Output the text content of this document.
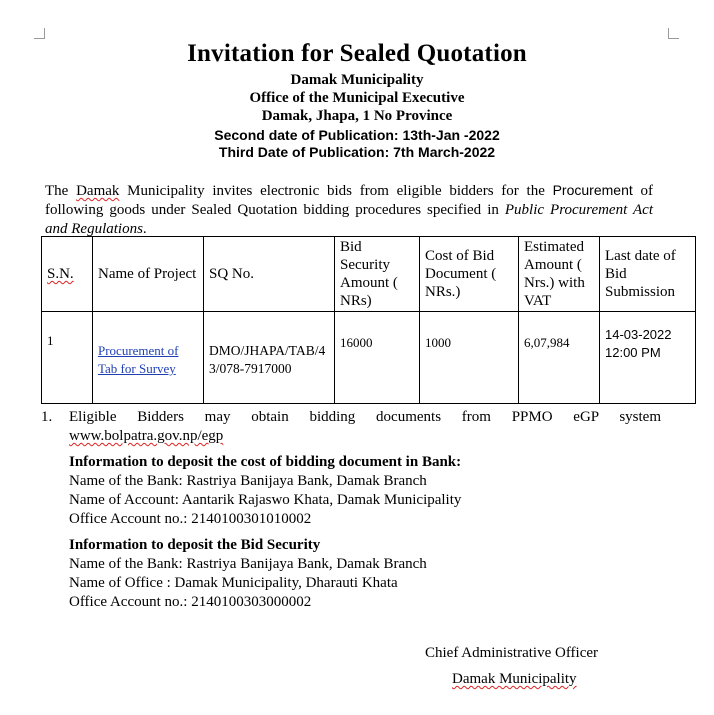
Invitation for Sealed Quotation
Damak Municipality
Office of the Municipal Executive
Damak, Jhapa, 1 No Province
Second date of Publication: 13th-Jan -2022
Third Date of Publication: 7th March-2022
The Damak Municipality invites electronic bids from eligible bidders for the Procurement of following goods under Sealed Quotation bidding procedures specified in Public Procurement Act and Regulations.
S.N.	Name of Project	SQ No.	Bid Security Amount ( NRs)	Cost of Bid Document ( NRs.)	Estimated Amount ( Nrs.) with VAT	Last date of Bid Submission
1	Procurement of Tab for Survey	DMO/JHAPA/TAB/43/078-7917000	16000	1000	6,07,984	14-03-2022
12:00 PM
1. Eligible Bidders may obtain bidding documents from PPMO eGP system
www.bolpatra.gov.np/egp
Information to deposit the cost of bidding document in Bank:
Name of the Bank: Rastriya Banijaya Bank, Damak Branch
Name of Account: Aantarik Rajaswo Khata, Damak Municipality
Office Account no.: 2140100301010002
Information to deposit the Bid Security
Name of the Bank: Rastriya Banijaya Bank, Damak Branch
Name of Office : Damak Municipality, Dharauti Khata
Office Account no.: 2140100303000002
Chief Administrative Officer
Damak Municipality
